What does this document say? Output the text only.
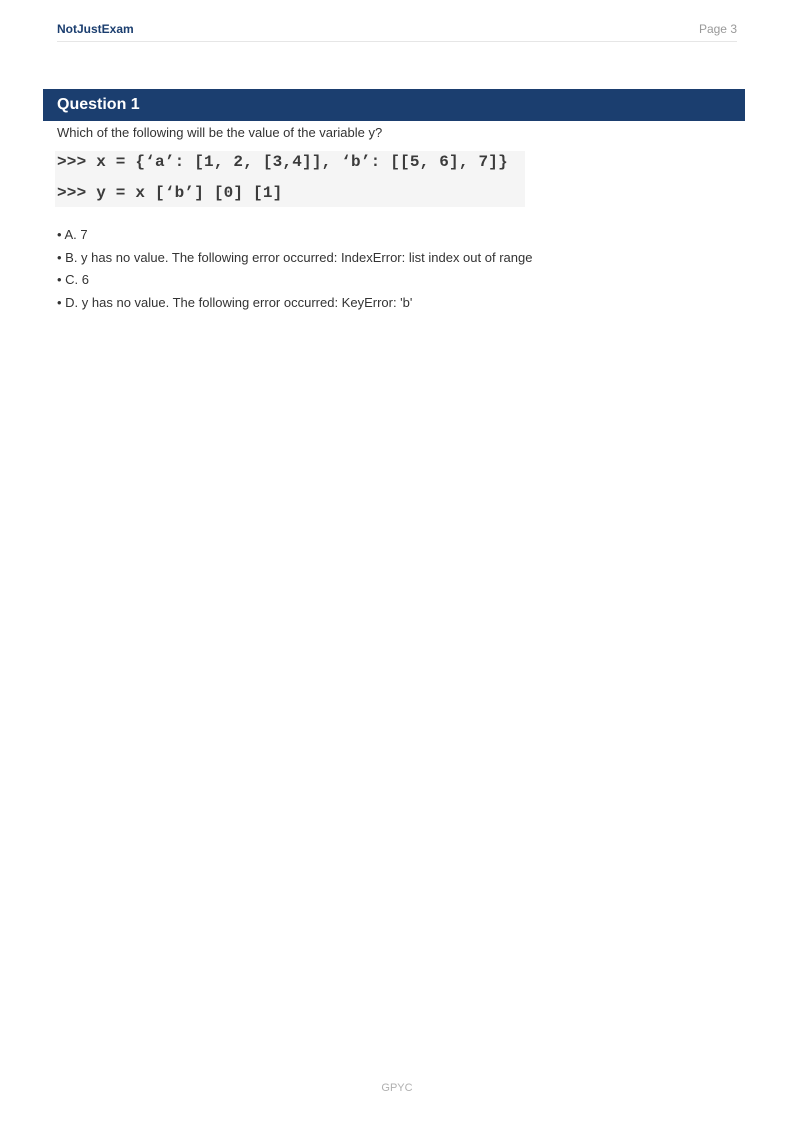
NotJustExam	Page 3
Question 1
Which of the following will be the value of the variable y?
>>> x = {‘a’: [1, 2, [3,4]], ‘b’: [[5, 6], 7]}
>>> y = x [‘b’] [0] [1]
• A. 7
• B. y has no value. The following error occurred: IndexError: list index out of range
• C. 6
• D. y has no value. The following error occurred: KeyError: 'b'
GPYC
